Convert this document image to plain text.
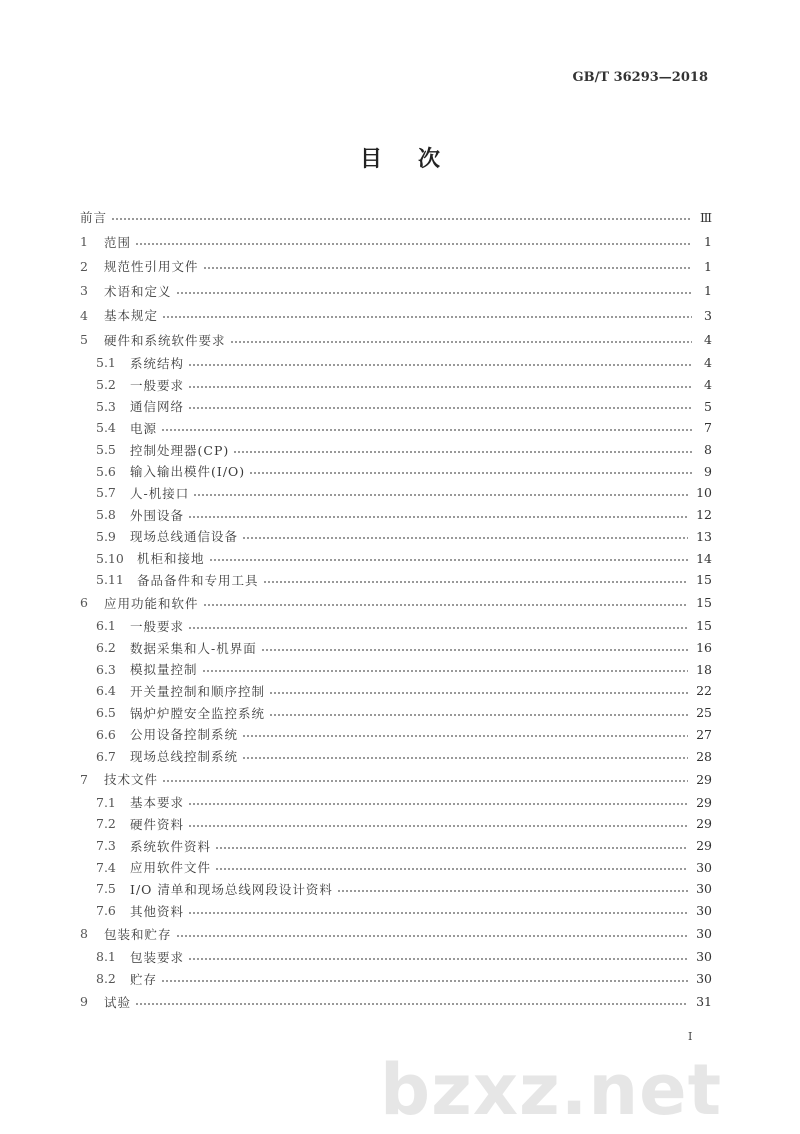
GB/T 36293—2018
目次
前言	Ⅲ
1	范围	1
2	规范性引用文件	1
3	术语和定义	1
4	基本规定	3
5	硬件和系统软件要求	4
5.1	系统结构	4
5.2	一般要求	4
5.3	通信网络	5
5.4	电源	7
5.5	控制处理器(CP)	8
5.6	输入输出模件(I/O)	9
5.7	人-机接口	10
5.8	外围设备	12
5.9	现场总线通信设备	13
5.10	机柜和接地	14
5.11	备品备件和专用工具	15
6	应用功能和软件	15
6.1	一般要求	15
6.2	数据采集和人-机界面	16
6.3	模拟量控制	18
6.4	开关量控制和顺序控制	22
6.5	锅炉炉膛安全监控系统	25
6.6	公用设备控制系统	27
6.7	现场总线控制系统	28
7	技术文件	29
7.1	基本要求	29
7.2	硬件资料	29
7.3	系统软件资料	29
7.4	应用软件文件	30
7.5	I/O 清单和现场总线网段设计资料	30
7.6	其他资料	30
8	包装和贮存	30
8.1	包装要求	30
8.2	贮存	30
9	试验	31
Ⅰ
bzxz.net
